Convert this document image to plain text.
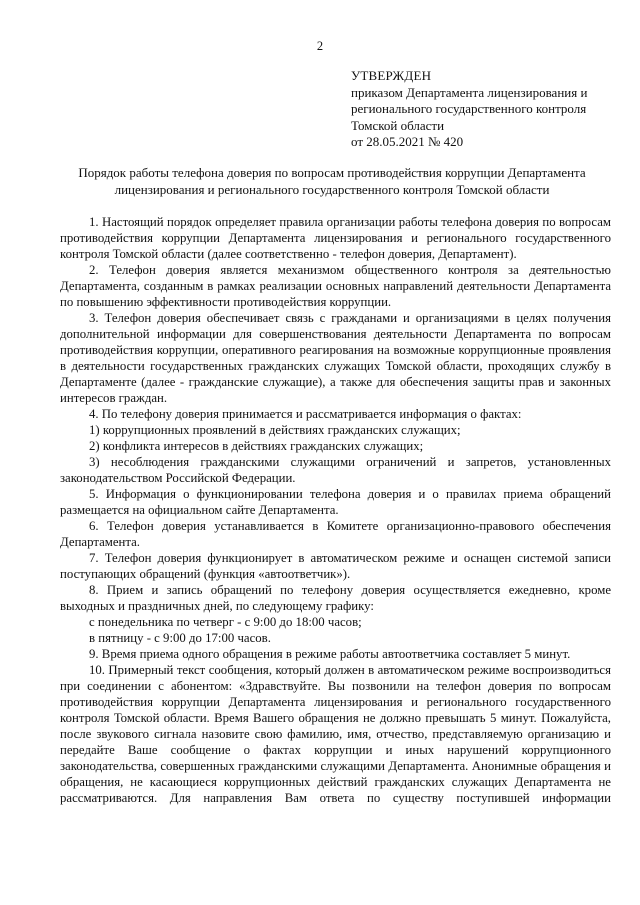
2
УТВЕРЖДЕН
приказом Департамента лицензирования и
регионального государственного контроля
Томской области
от 28.05.2021 № 420
Порядок работы телефона доверия по вопросам противодействия коррупции Департамента лицензирования и регионального государственного контроля Томской области

1. Настоящий порядок определяет правила организации работы телефона доверия по вопросам противодействия коррупции Департамента лицензирования и регионального государственного контроля Томской области (далее соответственно - телефон доверия, Департамент).

2. Телефон доверия является механизмом общественного контроля за деятельностью Департамента, созданным в рамках реализации основных направлений деятельности Департамента по повышению эффективности противодействия коррупции.

3. Телефон доверия обеспечивает связь с гражданами и организациями в целях получения дополнительной информации для совершенствования деятельности Департамента по вопросам противодействия коррупции, оперативного реагирования на возможные коррупционные проявления в деятельности государственных гражданских служащих Томской области, проходящих службу в Департаменте (далее - гражданские служащие), а также для обеспечения защиты прав и законных интересов граждан.

4. По телефону доверия принимается и рассматривается информация о фактах:

1) коррупционных проявлений в действиях гражданских служащих;

2) конфликта интересов в действиях гражданских служащих;

3) несоблюдения гражданскими служащими ограничений и запретов, установленных законодательством Российской Федерации.

5. Информация о функционировании телефона доверия и о правилах приема обращений размещается на официальном сайте Департамента.

6. Телефон доверия устанавливается в Комитете организационно-правового обеспечения Департамента.

7. Телефон доверия функционирует в автоматическом режиме и оснащен системой записи поступающих обращений (функция «автоответчик»).

8. Прием и запись обращений по телефону доверия осуществляется ежедневно, кроме выходных и праздничных дней, по следующему графику:

с понедельника по четверг - с 9:00 до 18:00 часов;

в пятницу - с 9:00 до 17:00 часов.

9. Время приема одного обращения в режиме работы автоответчика составляет 5 минут.

10. Примерный текст сообщения, который должен в автоматическом режиме воспроизводиться при соединении с абонентом: «Здравствуйте. Вы позвонили на телефон доверия по вопросам противодействия коррупции Департамента лицензирования и регионального государственного контроля Томской области. Время Вашего обращения не должно превышать 5 минут. Пожалуйста, после звукового сигнала назовите свою фамилию, имя, отчество, представляемую организацию и передайте Ваше сообщение о фактах коррупции и иных нарушений коррупционного законодательства, совершенных гражданскими служащими Департамента. Анонимные обращения и обращения, не касающиеся коррупционных действий гражданских служащих Департамента не рассматриваются. Для направления Вам ответа по существу поступившей информации
